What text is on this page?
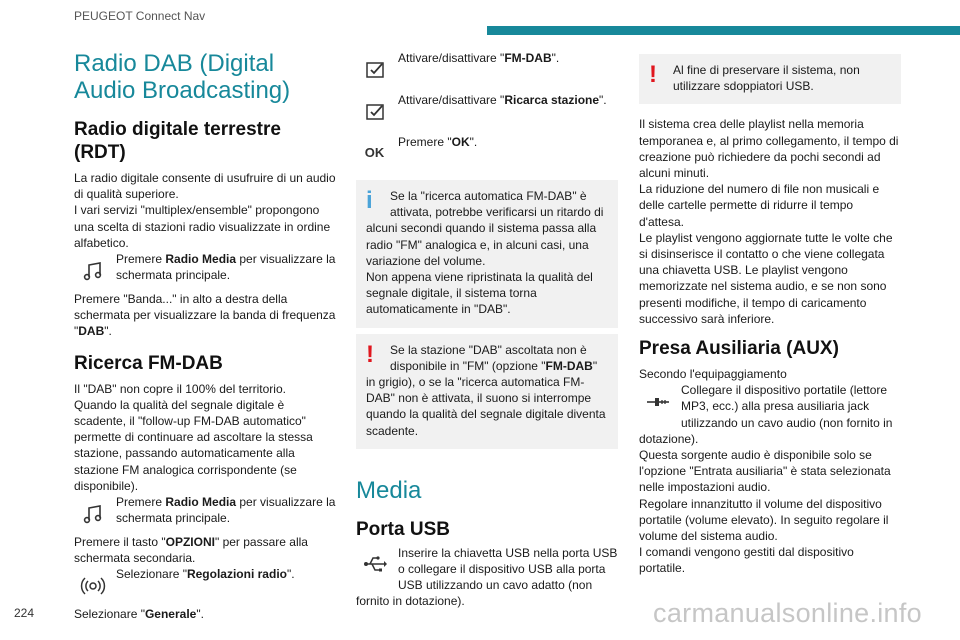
PEUGEOT Connect Nav
Radio DAB (Digital Audio Broadcasting)
Radio digitale terrestre (RDT)

La radio digitale consente di usufruire di un audio di qualità superiore.

I vari servizi "multiplex/ensemble" propongono una scelta di stazioni radio visualizzate in ordine alfabetico.

Premere Radio Media per visualizzare la schermata principale.

Premere "Banda..." in alto a destra della schermata per visualizzare la banda di frequenza "DAB".

Ricerca FM-DAB

Il "DAB" non copre il 100% del territorio.

Quando la qualità del segnale digitale è scadente, il "follow-up FM-DAB automatico" permette di continuare ad ascoltare la stessa stazione, passando automaticamente alla stazione FM analogica corrispondente (se disponibile).

Premere Radio Media per visualizzare la schermata principale.

Premere il tasto "OPZIONI" per passare alla schermata secondaria.

Selezionare "Regolazioni radio".

Selezionare "Generale".

Attivare/disattivare "FM-DAB".
Attivare/disattivare "Ricarca stazione".
OK
Premere "OK".
i	Se la "ricerca automatica FM-DAB" è attivata, potrebbe verificarsi un ritardo di alcuni secondi quando il sistema passa alla radio "FM" analogica e, in alcuni casi, una variazione del volume.

Non appena viene ripristinata la qualità del segnale digitale, il sistema torna automaticamente in "DAB".

!	Se la stazione "DAB" ascoltata non è disponibile in "FM" (opzione "FM-DAB" in grigio), o se la "ricerca automatica FM-DAB" non è attivata, il suono si interrompe quando la qualità del segnale digitale diventa scadente.
Media
Porta USB
Inserire la chiavetta USB nella porta USB o collegare il dispositivo USB alla porta USB utilizzando un cavo adatto (non fornito in dotazione).
!	Al fine di preservare il sistema, non utilizzare sdoppiatori USB.

Il sistema crea delle playlist nella memoria temporanea e, al primo collegamento, il tempo di creazione può richiedere da pochi secondi ad alcuni minuti.

La riduzione del numero di file non musicali e delle cartelle permette di ridurre il tempo d'attesa.

Le playlist vengono aggiornate tutte le volte che si disinserisce il contatto o che viene collegata una chiavetta USB. Le playlist vengono memorizzate nel sistema audio, e se non sono presenti modifiche, il tempo di caricamento successivo sarà inferiore.

Presa Ausiliaria (AUX)

Secondo l'equipaggiamento

Collegare il dispositivo portatile (lettore MP3, ecc.) alla presa ausiliaria jack utilizzando un cavo audio (non fornito in dotazione).

Questa sorgente audio è disponibile solo se l'opzione "Entrata ausiliaria" è stata selezionata nelle impostazioni audio.

Regolare innanzitutto il volume del dispositivo portatile (volume elevato). In seguito regolare il volume del sistema audio.

I comandi vengono gestiti dal dispositivo portatile.

224	carmanualsonline.info
